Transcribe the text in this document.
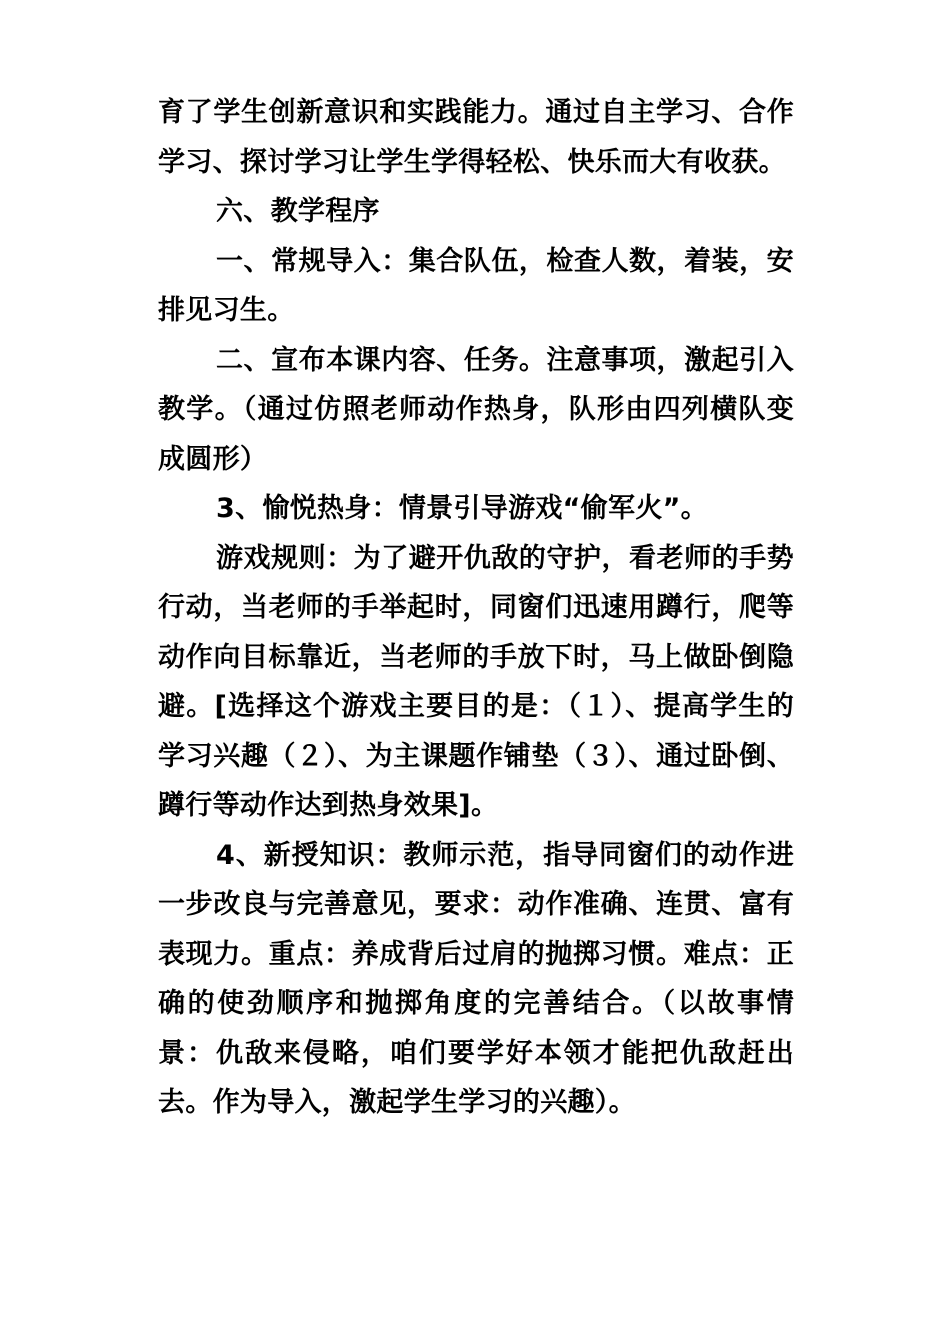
育了学生创新意识和实践能力。通过自主学习、合作学习、探讨学习让学生学得轻松、快乐而大有收获。

六、教学程序

一、常规导入：集合队伍，检查人数，着装，安排见习生。

二、宣布本课内容、任务。注意事项，激起引入教学。（通过仿照老师动作热身，队形由四列横队变成圆形）

3、愉悦热身：情景引导游戏“偷军火”。

游戏规则：为了避开仇敌的守护，看老师的手势行动，当老师的手举起时，同窗们迅速用蹲行，爬等动作向目标靠近，当老师的手放下时，马上做卧倒隐避。[选择这个游戏主要目的是：（１）、提高学生的学习兴趣（２）、为主课题作铺垫（３）、通过卧倒、蹲行等动作达到热身效果]。

4、新授知识：教师示范，指导同窗们的动作进一步改良与完善意见，要求：动作准确、连贯、富有表现力。重点：养成背后过肩的抛掷习惯。难点：正确的使劲顺序和抛掷角度的完善结合。（以故事情景：仇敌来侵略，咱们要学好本领才能把仇敌赶出去。作为导入，激起学生学习的兴趣）。
